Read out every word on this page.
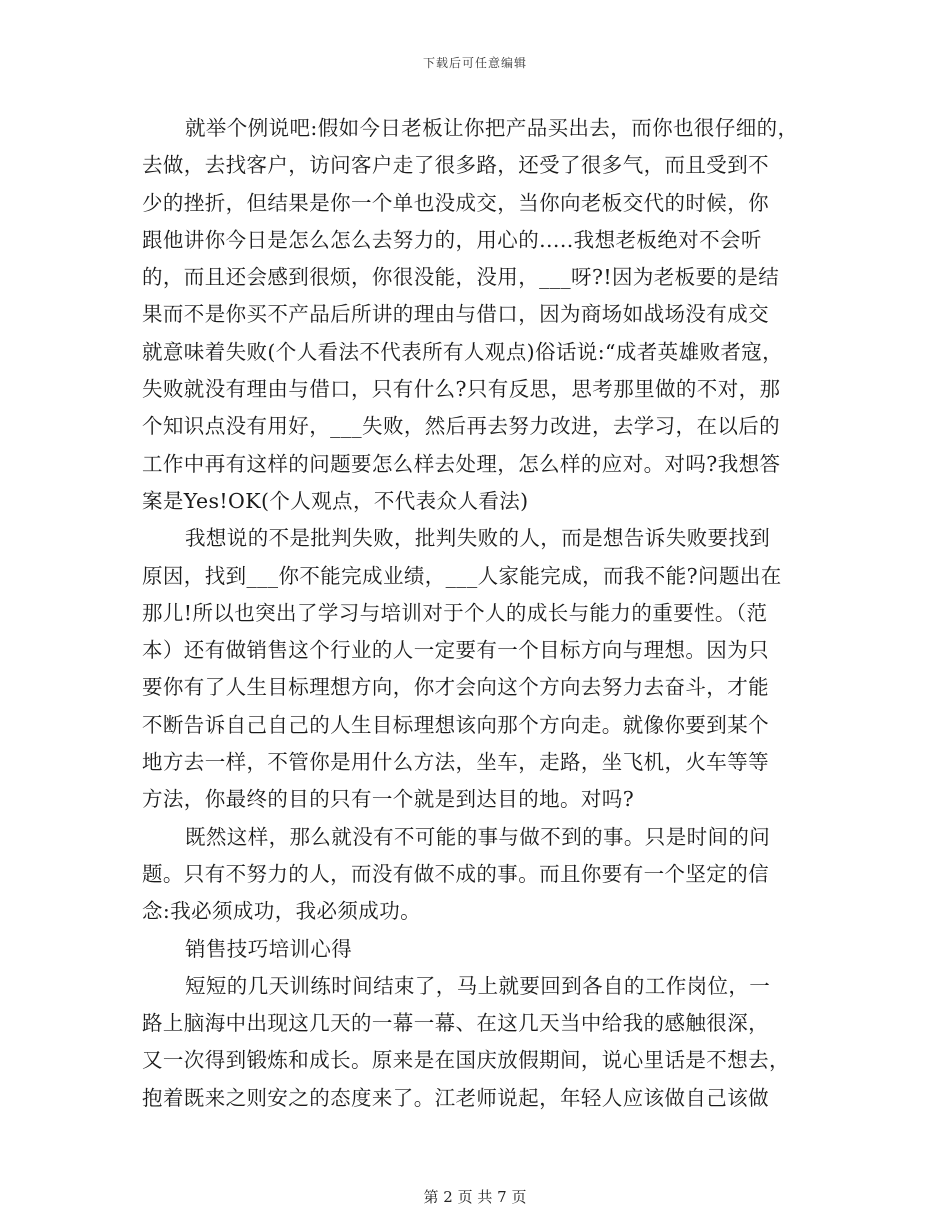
下载后可任意编辑
就举个例说吧:假如今日老板让你把产品买出去，而你也很仔细的，
去做，去找客户，访问客户走了很多路，还受了很多气，而且受到不
少的挫折，但结果是你一个单也没成交，当你向老板交代的时候，你
跟他讲你今日是怎么怎么去努力的，用心的.....我想老板绝对不会听
的，而且还会感到很烦，你很没能，没用，___呀?!因为老板要的是结
果而不是你买不产品后所讲的理由与借口，因为商场如战场没有成交
就意味着失败(个人看法不代表所有人观点)俗话说:“成者英雄败者寇，
失败就没有理由与借口，只有什么?只有反思，思考那里做的不对，那
个知识点没有用好，___失败，然后再去努力改进，去学习，在以后的
工作中再有这样的问题要怎么样去处理，怎么样的应对。对吗?我想答
案是Yes!OK(个人观点，不代表众人看法)
我想说的不是批判失败，批判失败的人，而是想告诉失败要找到
原因，找到___你不能完成业绩，___人家能完成，而我不能?问题出在
那儿!所以也突出了学习与培训对于个人的成长与能力的重要性。（范
本）还有做销售这个行业的人一定要有一个目标方向与理想。因为只
要你有了人生目标理想方向，你才会向这个方向去努力去奋斗，才能
不断告诉自己自己的人生目标理想该向那个方向走。就像你要到某个
地方去一样，不管你是用什么方法，坐车，走路，坐飞机，火车等等
方法，你最终的目的只有一个就是到达目的地。对吗?
既然这样，那么就没有不可能的事与做不到的事。只是时间的问
题。只有不努力的人，而没有做不成的事。而且你要有一个坚定的信
念:我必须成功，我必须成功。
销售技巧培训心得
短短的几天训练时间结束了，马上就要回到各自的工作岗位，一
路上脑海中出现这几天的一幕一幕、在这几天当中给我的感触很深，
又一次得到锻炼和成长。原来是在国庆放假期间，说心里话是不想去，
抱着既来之则安之的态度来了。江老师说起，年轻人应该做自己该做
第 2 页 共 7 页
